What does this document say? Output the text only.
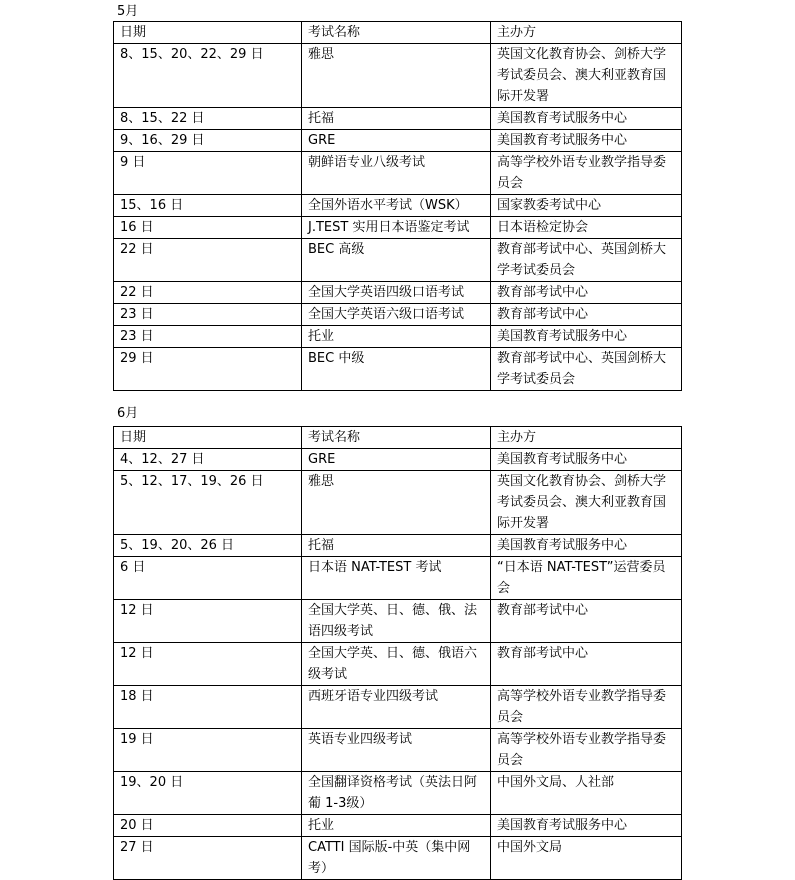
5月
日期	考试名称	主办方
8、15、20、22、29 日	雅思	英国文化教育协会、剑桥大学考试委员会、澳大利亚教育国际开发署
8、15、22 日	托福	美国教育考试服务中心
9、16、29 日	GRE	美国教育考试服务中心
9 日	朝鲜语专业八级考试	高等学校外语专业教学指导委员会
15、16 日	全国外语水平考试（WSK）	国家教委考试中心
16 日	J.TEST 实用日本语鉴定考试	日本语检定协会
22 日	BEC 高级	教育部考试中心、英国剑桥大学考试委员会
22 日	全国大学英语四级口语考试	教育部考试中心
23 日	全国大学英语六级口语考试	教育部考试中心
23 日	托业	美国教育考试服务中心
29 日	BEC 中级	教育部考试中心、英国剑桥大学考试委员会
6月
日期	考试名称	主办方
4、12、27 日	GRE	美国教育考试服务中心
5、12、17、19、26 日	雅思	英国文化教育协会、剑桥大学考试委员会、澳大利亚教育国际开发署
5、19、20、26 日	托福	美国教育考试服务中心
6 日	日本语 NAT-TEST 考试	“日本语 NAT-TEST”运营委员会
12 日	全国大学英、日、德、俄、法语四级考试	教育部考试中心
12 日	全国大学英、日、德、俄语六级考试	教育部考试中心
18 日	西班牙语专业四级考试	高等学校外语专业教学指导委员会
19 日	英语专业四级考试	高等学校外语专业教学指导委员会
19、20 日	全国翻译资格考试（英法日阿葡 1-3级）	中国外文局、人社部
20 日	托业	美国教育考试服务中心
27 日	CATTI 国际版-中英（集中网考）	中国外文局
